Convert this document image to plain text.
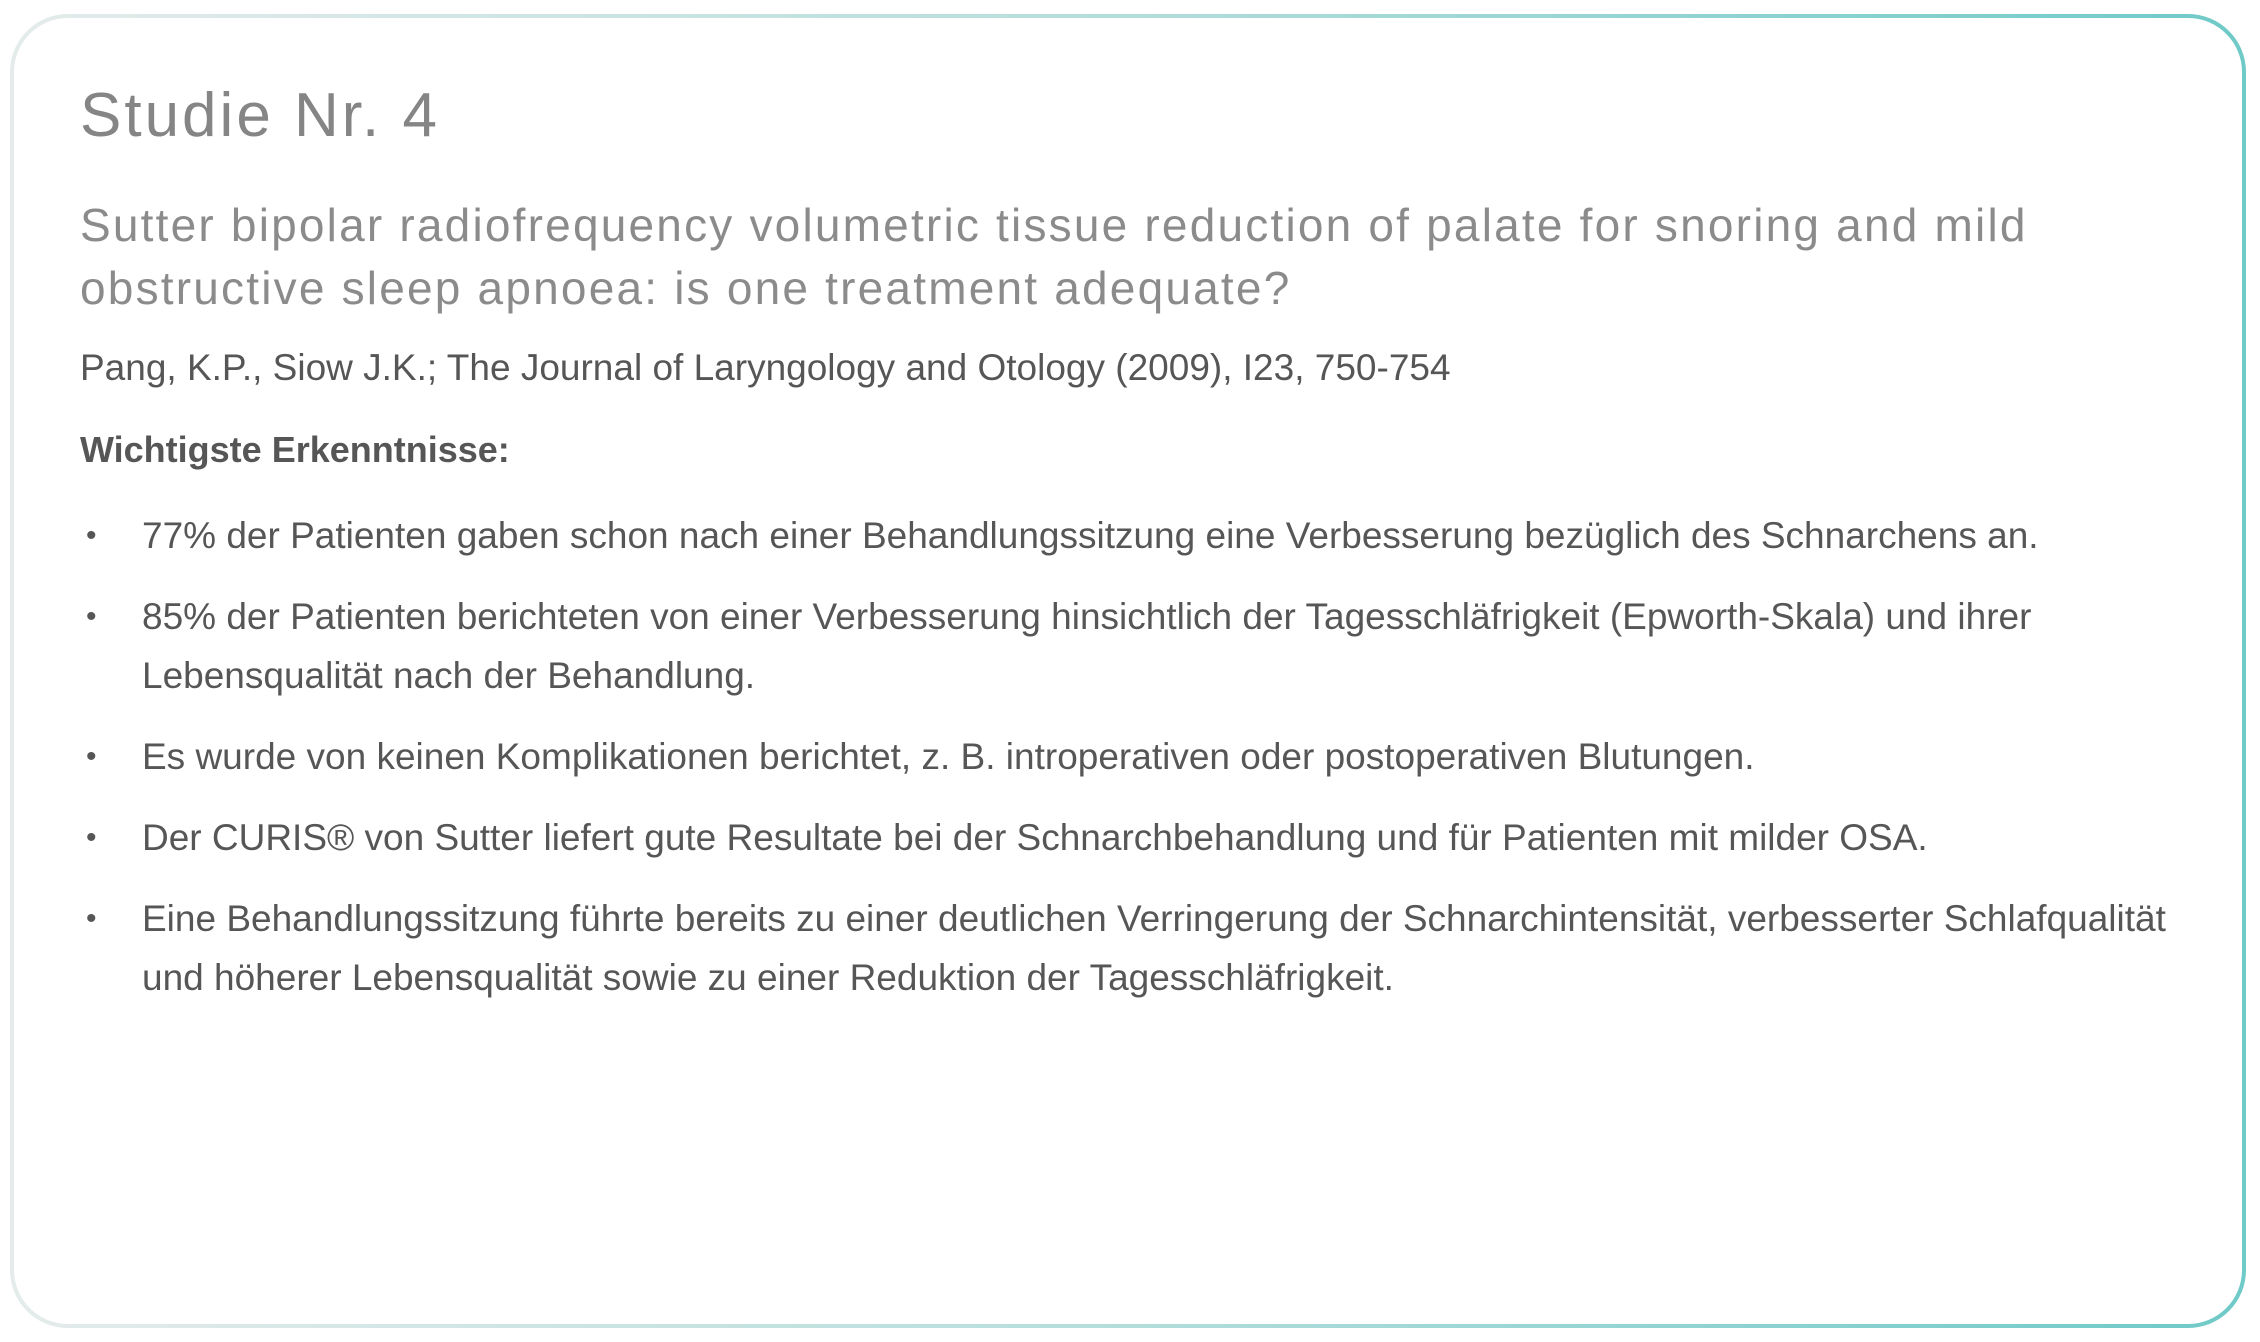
Studie Nr. 4
Sutter bipolar radiofrequency volumetric tissue reduction of palate for snoring and mild obstructive sleep apnoea: is one treatment adequate?

Pang, K.P., Siow J.K.; The Journal of Laryngology and Otology (2009), I23, 750-754

Wichtigste Erkenntnisse:

• 77% der Patienten gaben schon nach einer Behandlungssitzung eine Verbesserung bezüglich des Schnarchens an.
• 85% der Patienten berichteten von einer Verbesserung hinsichtlich der Tagesschläfrigkeit (Epworth-Skala) und ihrer Lebensqualität nach der Behandlung.
• Es wurde von keinen Komplikationen berichtet, z. B. introperativen oder postoperativen Blutungen.
• Der CURIS® von Sutter liefert gute Resultate bei der Schnarchbehandlung und für Patienten mit milder OSA.
• Eine Behandlungssitzung führte bereits zu einer deutlichen Verringerung der Schnarchintensität, verbesserter Schlafqualität und höherer Lebensqualität sowie zu einer Reduktion der Tagesschläfrigkeit.
